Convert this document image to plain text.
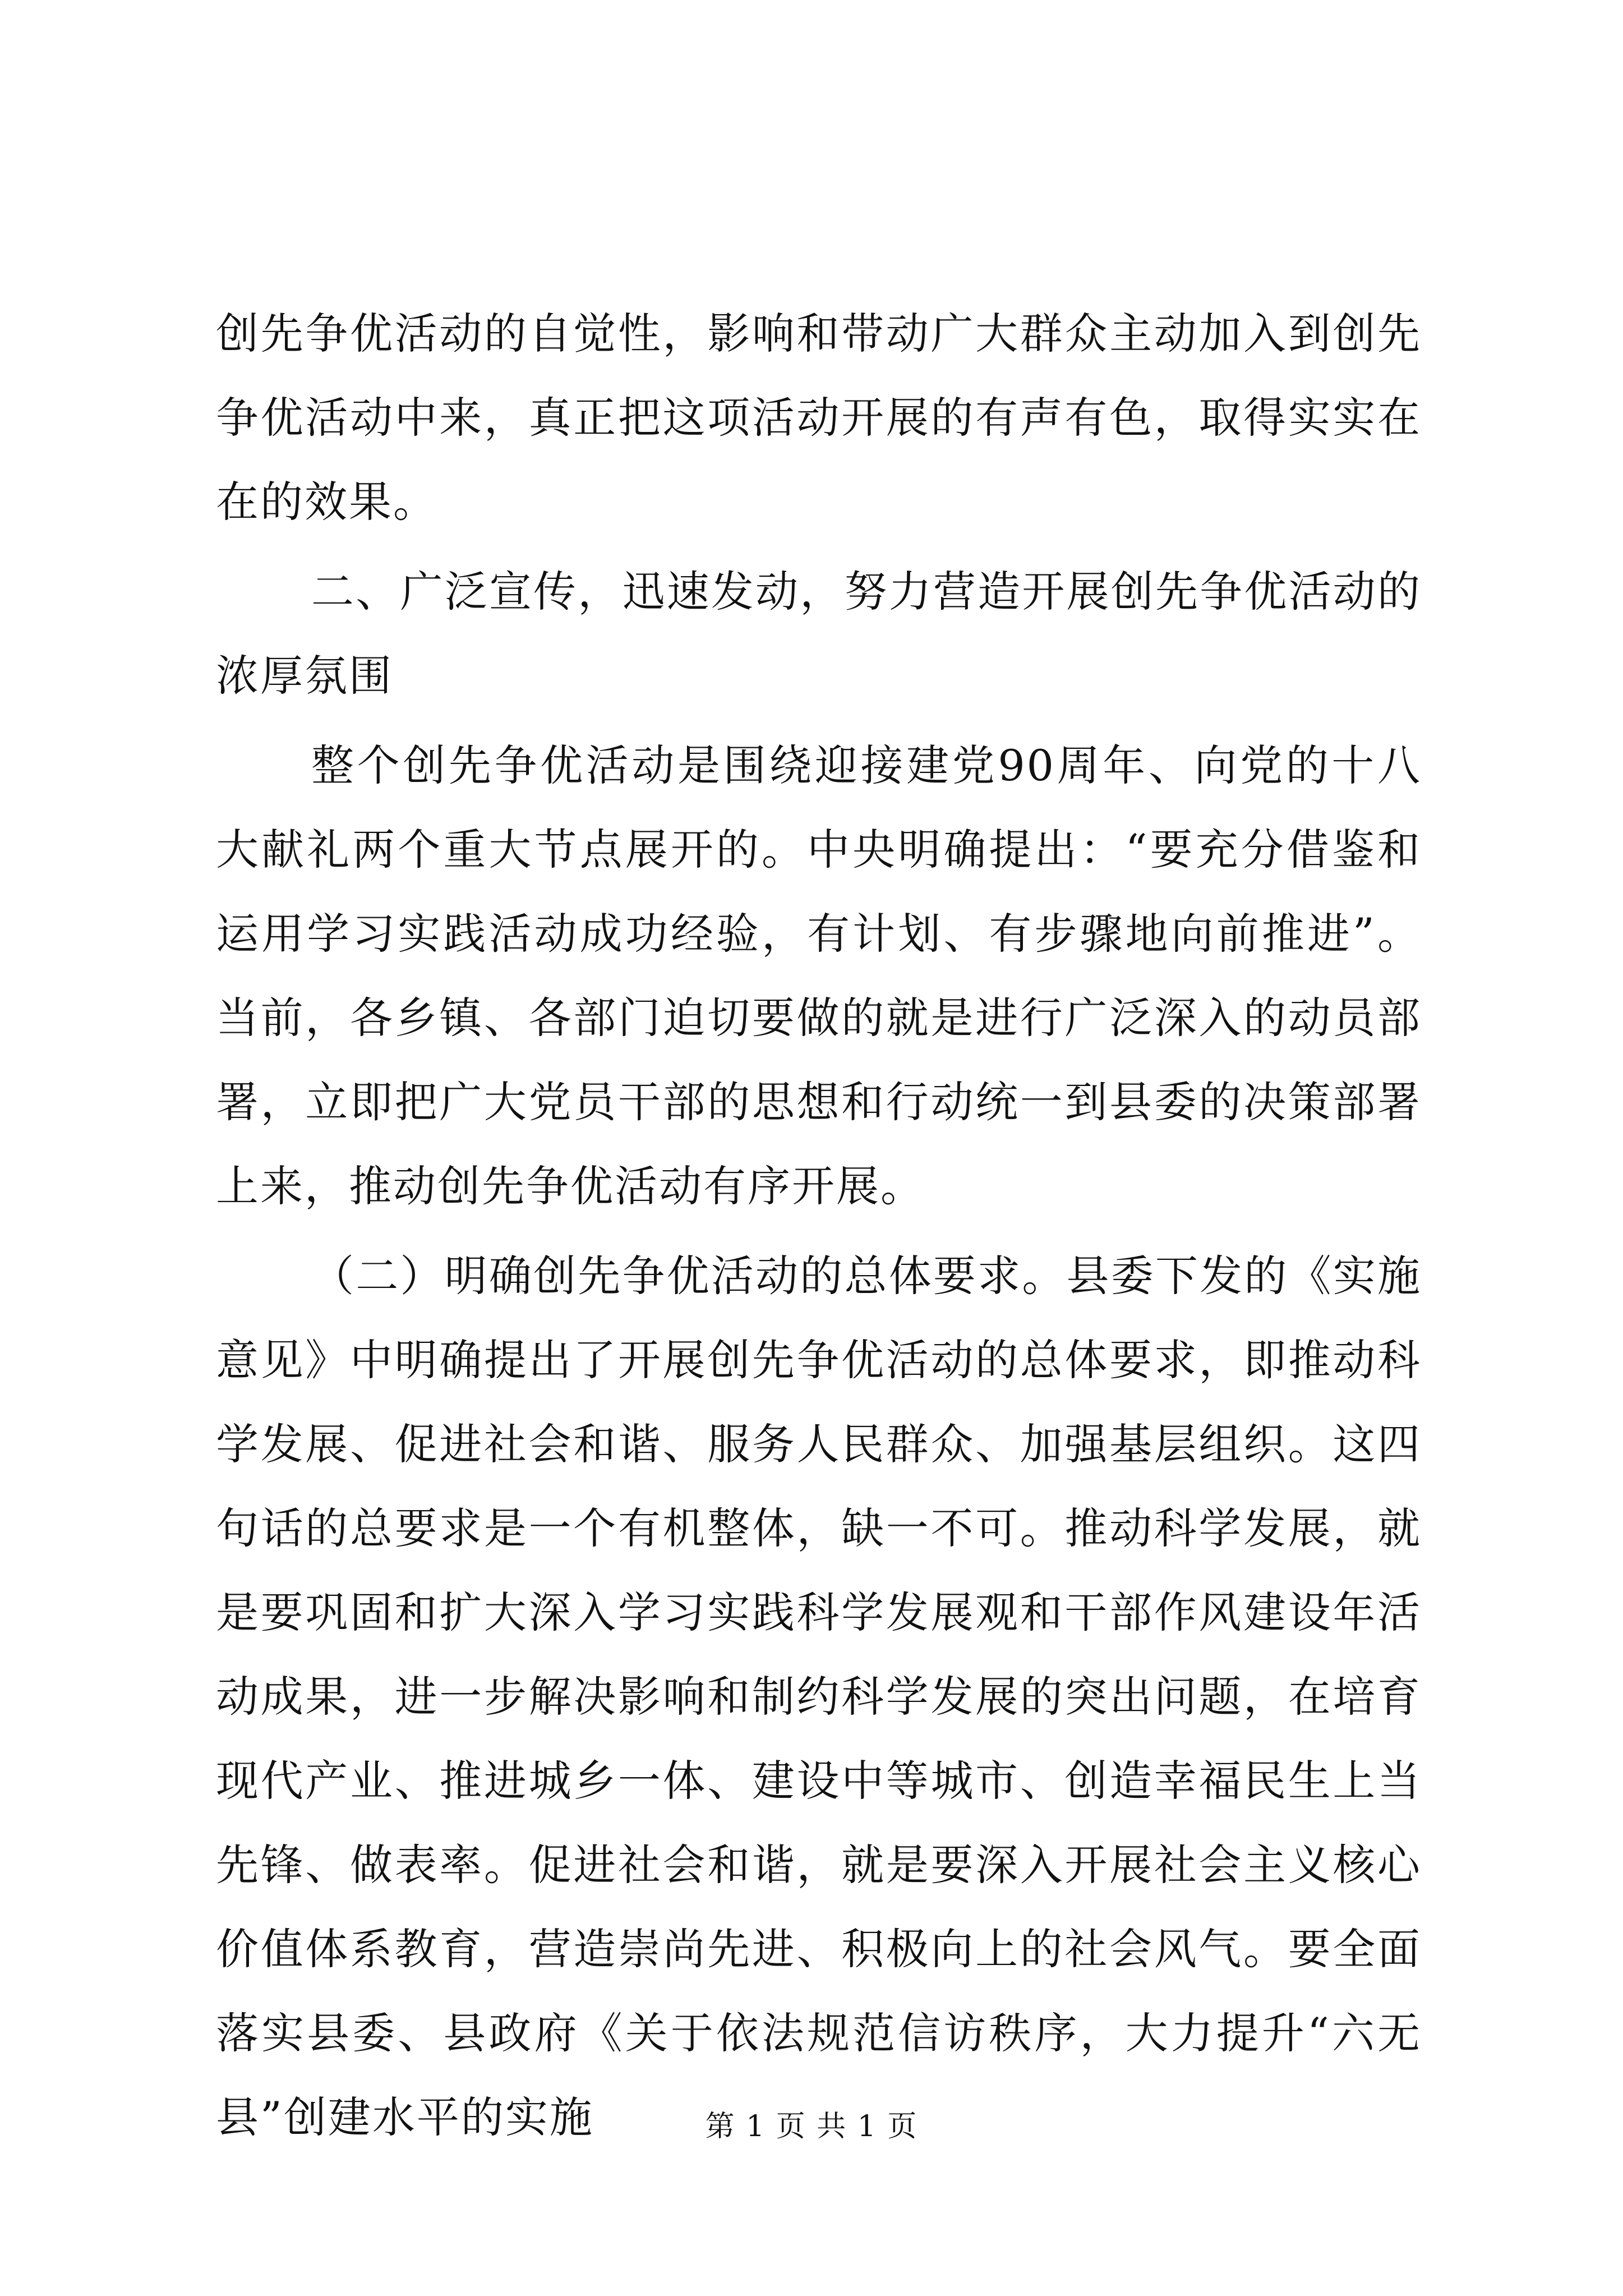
创先争优活动的自觉性，影响和带动广大群众主动加入到创先争优活动中来，真正把这项活动开展的有声有色，取得实实在在的效果。

二、广泛宣传，迅速发动，努力营造开展创先争优活动的浓厚氛围

整个创先争优活动是围绕迎接建党90周年、向党的十八大献礼两个重大节点展开的。中央明确提出：“要充分借鉴和运用学习实践活动成功经验，有计划、有步骤地向前推进”。当前，各乡镇、各部门迫切要做的就是进行广泛深入的动员部署，立即把广大党员干部的思想和行动统一到县委的决策部署上来，推动创先争优活动有序开展。

（二）明确创先争优活动的总体要求。县委下发的《实施意见》中明确提出了开展创先争优活动的总体要求，即推动科学发展、促进社会和谐、服务人民群众、加强基层组织。这四句话的总要求是一个有机整体，缺一不可。推动科学发展，就是要巩固和扩大深入学习实践科学发展观和干部作风建设年活动成果，进一步解决影响和制约科学发展的突出问题，在培育现代产业、推进城乡一体、建设中等城市、创造幸福民生上当先锋、做表率。促进社会和谐，就是要深入开展社会主义核心价值体系教育，营造崇尚先进、积极向上的社会风气。要全面落实县委、县政府《关于依法规范信访秩序，大力提升“六无县”创建水平的实施	第 1 页 共 1 页
